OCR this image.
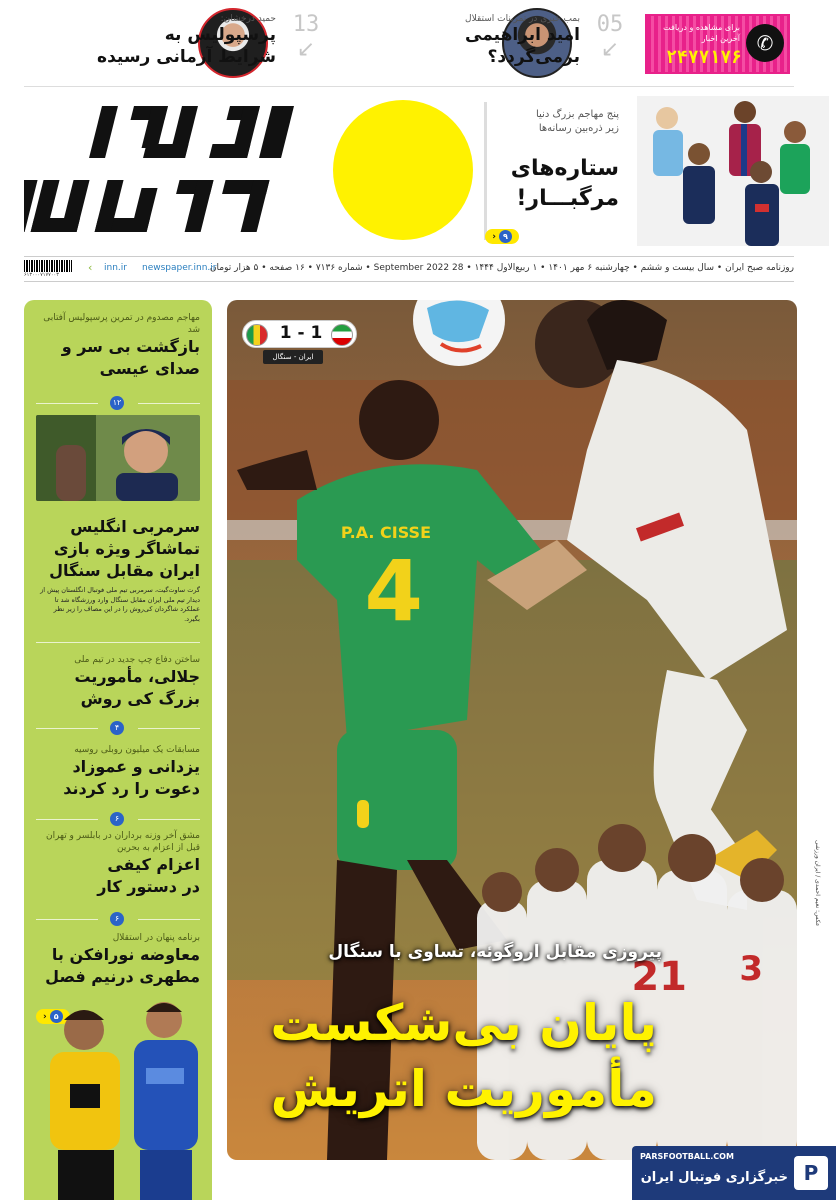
برای مشاهده و دریافت آخرین اخبار
۲۴۷۷۱۷۶
✆
05
↙
بمب خبری در تمرینات استقلال
امید ابراهیمی
برمی‌گردد؟
13
↙
حمید درخشان:
پرسپولیس به
شرایط آرمانی رسیده
پنج مهاجم بزرگ دنیا
زیر ذره‌بین رسانه‌ها
ستاره‌های
مرگبـــار!
۹
‹
۶۱۳۰۰۰۷۱۷۷۰۰۳
inn.ir
›	newspaper.inn.ir
روزنامه صبح ایران • سال بیست و ششم • چهارشنبه ۶ مهر ۱۴۰۱ • ۱ ربیع‌الاول ۱۴۴۴ • 28 September 2022 • شماره ۷۱۳۶ • ۱۶ صفحه • ۵ هزار تومان
مهاجم مصدوم در تمرین پرسپولیس آفتابی شد
بازگشت بی سر و
صدای عیسی
۱۲
سرمربی انگلیس
تماشاگر ویژه بازی
ایران مقابل سنگال
گرت ساوت‌گیت، سرمربی تیم ملی فوتبال انگلستان پیش از دیدار تیم ملی ایران مقابل سنگال وارد ورزشگاه شد تا عملکرد شاگردان کی‌روش را در این مصاف را زیر نظر بگیرد.
ساختن دفاع چپ جدید در تیم ملی
جلالی، مأموریت
بزرگ کی روش
۴
مسابقات یک میلیون روبلی روسیه
یزدانی و عموزاد
دعوت را رد کردند
۶
مشق آخر وزنه برداران در بابلسر و تهران قبل از اعزام به بحرین
اعزام کیفی
در دستور کار
۶
برنامه پنهان در استقلال
معاوضه نورافکن با
مطهری درنیم فصل
۵
‹
P.A. CISSE
4
21 3
1 - 1
ایران - سنگال
پیروزی مقابل اروگوئه، تساوی با سنگال
پایان بی‌شکست
مأموریت اتریش
عکس: نعیم احمدی / ایران ورزشی
PARSFOOTBALL.COM
خبرگزاری فوتبال ایران P
